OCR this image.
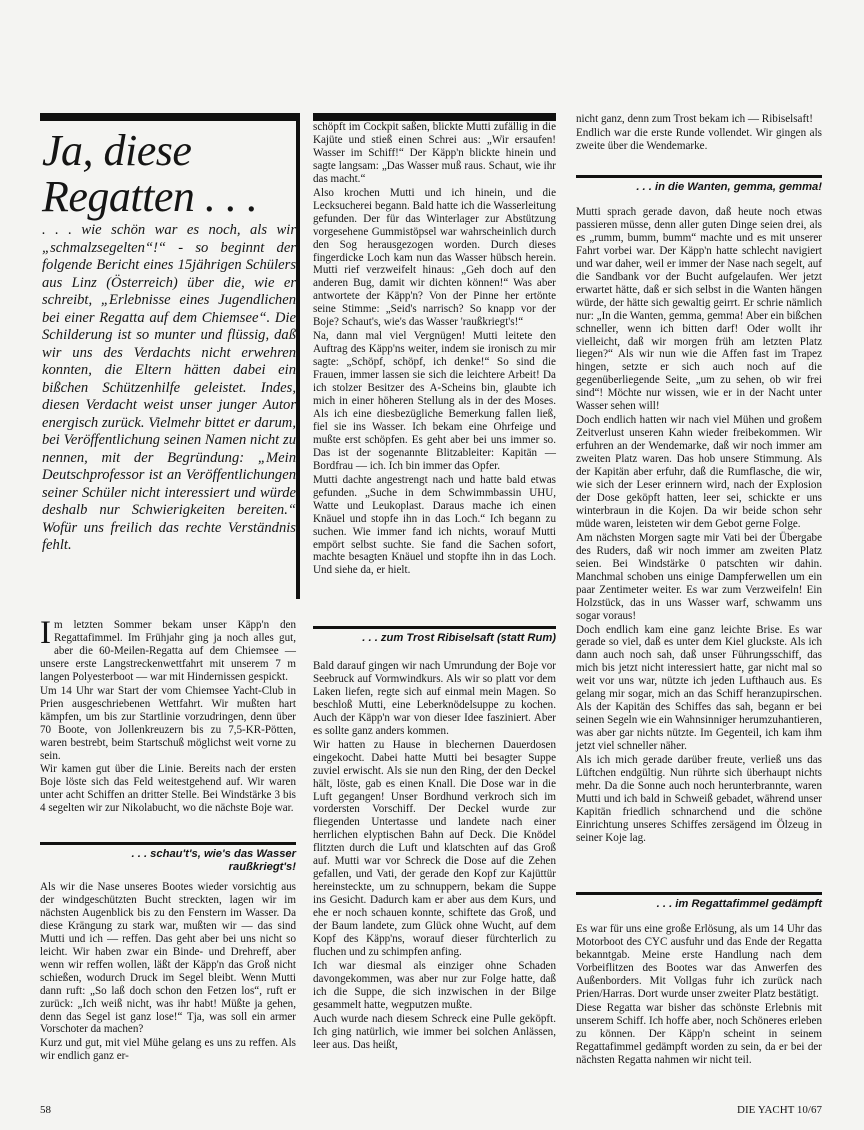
Ja, diese Regatten . . .
. . . wie schön war es noch, als wir „schmalzsegelten“!“ - so beginnt der folgende Bericht eines 15jährigen Schülers aus Linz (Österreich) über die, wie er schreibt, „Erlebnisse eines Jugendlichen bei einer Regatta auf dem Chiemsee“. Die Schilderung ist so munter und flüssig, daß wir uns des Verdachts nicht erwehren konnten, die Eltern hätten dabei ein bißchen Schützenhilfe geleistet. Indes, diesen Verdacht weist unser junger Autor energisch zurück. Vielmehr bittet er darum, bei Veröffentlichung seinen Namen nicht zu nennen, mit der Begründung: „Mein Deutschprofessor ist an Veröffentlichungen seiner Schüler nicht interessiert und würde deshalb nur Schwierigkeiten bereiten.“ Wofür uns freilich das rechte Verständnis fehlt.

Im letzten Sommer bekam unser Käpp'n den Regattafimmel. Im Frühjahr ging ja noch alles gut, aber die 60-Meilen-Regatta auf dem Chiemsee — unsere erste Langstreckenwettfahrt mit unserem 7 m langen Polyesterboot — war mit Hindernissen gespickt.

Um 14 Uhr war Start der vom Chiemsee Yacht-Club in Prien ausgeschriebenen Wettfahrt. Wir mußten hart kämpfen, um bis zur Startlinie vorzudringen, denn über 70 Boote, von Jollenkreuzern bis zu 7,5-KR-Pötten, waren bestrebt, beim Startschuß möglichst weit vorne zu sein.

Wir kamen gut über die Linie. Bereits nach der ersten Boje löste sich das Feld weitestgehend auf. Wir waren unter acht Schiffen an dritter Stelle. Bei Windstärke 3 bis 4 segelten wir zur Nikolabucht, wo die nächste Boje war.

. . . schau't's, wie's das Wasser raußkriegt's!

Als wir die Nase unseres Bootes wieder vorsichtig aus der windgeschützten Bucht streckten, lagen wir im nächsten Augenblick bis zu den Fenstern im Wasser. Da diese Krängung zu stark war, mußten wir — das sind Mutti und ich — reffen. Das geht aber bei uns nicht so leicht. Wir haben zwar ein Binde- und Drehreff, aber wenn wir reffen wollen, läßt der Käpp'n das Groß nicht schießen, wodurch Druck im Segel bleibt. Wenn Mutti dann ruft: „So laß doch schon den Fetzen los“, ruft er zurück: „Ich weiß nicht, was ihr habt! Müßte ja gehen, denn das Segel ist ganz lose!“ Tja, was soll ein armer Vorschoter da machen?

Kurz und gut, mit viel Mühe gelang es uns zu reffen. Als wir endlich ganz er-

schöpft im Cockpit saßen, blickte Mutti zufällig in die Kajüte und stieß einen Schrei aus: „Wir ersaufen! Wasser im Schiff!“ Der Käpp'n blickte hinein und sagte langsam: „Das Wasser muß raus. Schaut, wie ihr das macht.“

Also krochen Mutti und ich hinein, und die Lecksucherei begann. Bald hatte ich die Wasserleitung gefunden. Der für das Winterlager zur Abstützung vorgesehene Gummistöpsel war wahrscheinlich durch den Sog herausgezogen worden. Durch dieses fingerdicke Loch kam nun das Wasser hübsch herein. Mutti rief verzweifelt hinaus: „Geh doch auf den anderen Bug, damit wir dichten können!“ Was aber antwortete der Käpp'n? Von der Pinne her ertönte seine Stimme: „Seid's narrisch? So knapp vor der Boje? Schaut's, wie's das Wasser 'raußkriegt's!“

Na, dann mal viel Vergnügen! Mutti leitete den Auftrag des Käpp'ns weiter, indem sie ironisch zu mir sagte: „Schöpf, schöpf, ich denke!“ So sind die Frauen, immer lassen sie sich die leichtere Arbeit! Da ich stolzer Besitzer des A-Scheins bin, glaubte ich mich in einer höheren Stellung als in der des Moses. Als ich eine diesbezügliche Bemerkung fallen ließ, fiel sie ins Wasser. Ich bekam eine Ohrfeige und mußte erst schöpfen. Es geht aber bei uns immer so. Das ist der sogenannte Blitzableiter: Kapitän — Bordfrau — ich. Ich bin immer das Opfer.

Mutti dachte angestrengt nach und hatte bald etwas gefunden. „Suche in dem Schwimmbassin UHU, Watte und Leukoplast. Daraus mache ich einen Knäuel und stopfe ihn in das Loch.“ Ich begann zu suchen. Wie immer fand ich nichts, worauf Mutti empört selbst suchte. Sie fand die Sachen sofort, machte besagten Knäuel und stopfte ihn in das Loch. Und siehe da, er hielt.

. . . zum Trost Ribiselsaft (statt Rum)

Bald darauf gingen wir nach Umrundung der Boje vor Seebruck auf Vormwindkurs. Als wir so platt vor dem Laken liefen, regte sich auf einmal mein Magen. So beschloß Mutti, eine Leberknödelsuppe zu kochen. Auch der Käpp'n war von dieser Idee fasziniert. Aber es sollte ganz anders kommen.

Wir hatten zu Hause in blechernen Dauerdosen eingekocht. Dabei hatte Mutti bei besagter Suppe zuviel erwischt. Als sie nun den Ring, der den Deckel hält, löste, gab es einen Knall. Die Dose war in die Luft gegangen! Unser Bordhund verkroch sich im vordersten Vorschiff. Der Deckel wurde zur fliegenden Untertasse und landete nach einer herrlichen elyptischen Bahn auf Deck. Die Knödel flitzten durch die Luft und klatschten auf das Groß auf. Mutti war vor Schreck die Dose auf die Zehen gefallen, und Vati, der gerade den Kopf zur Kajüttür hereinsteckte, um zu schnuppern, bekam die Suppe ins Gesicht. Dadurch kam er aber aus dem Kurs, und ehe er noch schauen konnte, schiftete das Groß, und der Baum landete, zum Glück ohne Wucht, auf dem Kopf des Käpp'ns, worauf dieser fürchterlich zu fluchen und zu schimpfen anfing.

Ich war diesmal als einziger ohne Schaden davongekommen, was aber nur zur Folge hatte, daß ich die Suppe, die sich inzwischen in der Bilge gesammelt hatte, wegputzen mußte.

Auch wurde nach diesem Schreck eine Pulle geköpft. Ich ging natürlich, wie immer bei solchen Anlässen, leer aus. Das heißt,

nicht ganz, denn zum Trost bekam ich — Ribiselsaft!

Endlich war die erste Runde vollendet. Wir gingen als zweite über die Wendemarke.

. . . in die Wanten, gemma, gemma!

Mutti sprach gerade davon, daß heute noch etwas passieren müsse, denn aller guten Dinge seien drei, als es „rumm, bumm, bumm“ machte und es mit unserer Fahrt vorbei war. Der Käpp'n hatte schlecht navigiert und war daher, weil er immer der Nase nach segelt, auf die Sandbank vor der Bucht aufgelaufen. Wer jetzt erwartet hätte, daß er sich selbst in die Wanten hängen würde, der hätte sich gewaltig geirrt. Er schrie nämlich nur: „In die Wanten, gemma, gemma! Aber ein bißchen schneller, wenn ich bitten darf! Oder wollt ihr vielleicht, daß wir morgen früh am letzten Platz liegen?“ Als wir nun wie die Affen fast im Trapez hingen, setzte er sich auch noch auf die gegenüberliegende Seite, „um zu sehen, ob wir frei sind“! Möchte nur wissen, wie er in der Nacht unter Wasser sehen will!

Doch endlich hatten wir nach viel Mühen und großem Zeitverlust unseren Kahn wieder freibekommen. Wir erfuhren an der Wendemarke, daß wir noch immer am zweiten Platz waren. Das hob unsere Stimmung. Als der Kapitän aber erfuhr, daß die Rumflasche, die wir, wie sich der Leser erinnern wird, nach der Explosion der Dose geköpft hatten, leer sei, schickte er uns winterbraun in die Kojen. Da wir beide schon sehr müde waren, leisteten wir dem Gebot gerne Folge.

Am nächsten Morgen sagte mir Vati bei der Übergabe des Ruders, daß wir noch immer am zweiten Platz seien. Bei Windstärke 0 patschten wir dahin. Manchmal schoben uns einige Dampferwellen um ein paar Zentimeter weiter. Es war zum Verzweifeln! Ein Holzstück, das in uns Wasser warf, schwamm uns sogar voraus!

Doch endlich kam eine ganz leichte Brise. Es war gerade so viel, daß es unter dem Kiel gluckste. Als ich dann auch noch sah, daß unser Führungsschiff, das mich bis jetzt nicht interessiert hatte, gar nicht mal so weit vor uns war, nützte ich jeden Lufthauch aus. Es gelang mir sogar, mich an das Schiff heranzupirschen. Als der Kapitän des Schiffes das sah, begann er bei seinen Segeln wie ein Wahnsinniger herumzuhantieren, was aber gar nichts nützte. Im Gegenteil, ich kam ihm jetzt viel schneller näher.

Als ich mich gerade darüber freute, verließ uns das Lüftchen endgültig. Nun rührte sich überhaupt nichts mehr. Da die Sonne auch noch herunterbrannte, waren Mutti und ich bald in Schweiß gebadet, während unser Kapitän friedlich schnarchend und die schöne Einrichtung unseres Schiffes zersägend im Ölzeug in seiner Koje lag.

. . . im Regattafimmel gedämpft

Es war für uns eine große Erlösung, als um 14 Uhr das Motorboot des CYC ausfuhr und das Ende der Regatta bekanntgab. Meine erste Handlung nach dem Vorbeiflitzen des Bootes war das Anwerfen des Außenborders. Mit Vollgas fuhr ich zurück nach Prien/Harras. Dort wurde unser zweiter Platz bestätigt.

Diese Regatta war bisher das schönste Erlebnis mit unserem Schiff. Ich hoffe aber, noch Schöneres erleben zu können. Der Käpp'n scheint in seinem Regattafimmel gedämpft worden zu sein, da er bei der nächsten Regatta nahmen wir nicht teil.

58	DIE YACHT 10/67
